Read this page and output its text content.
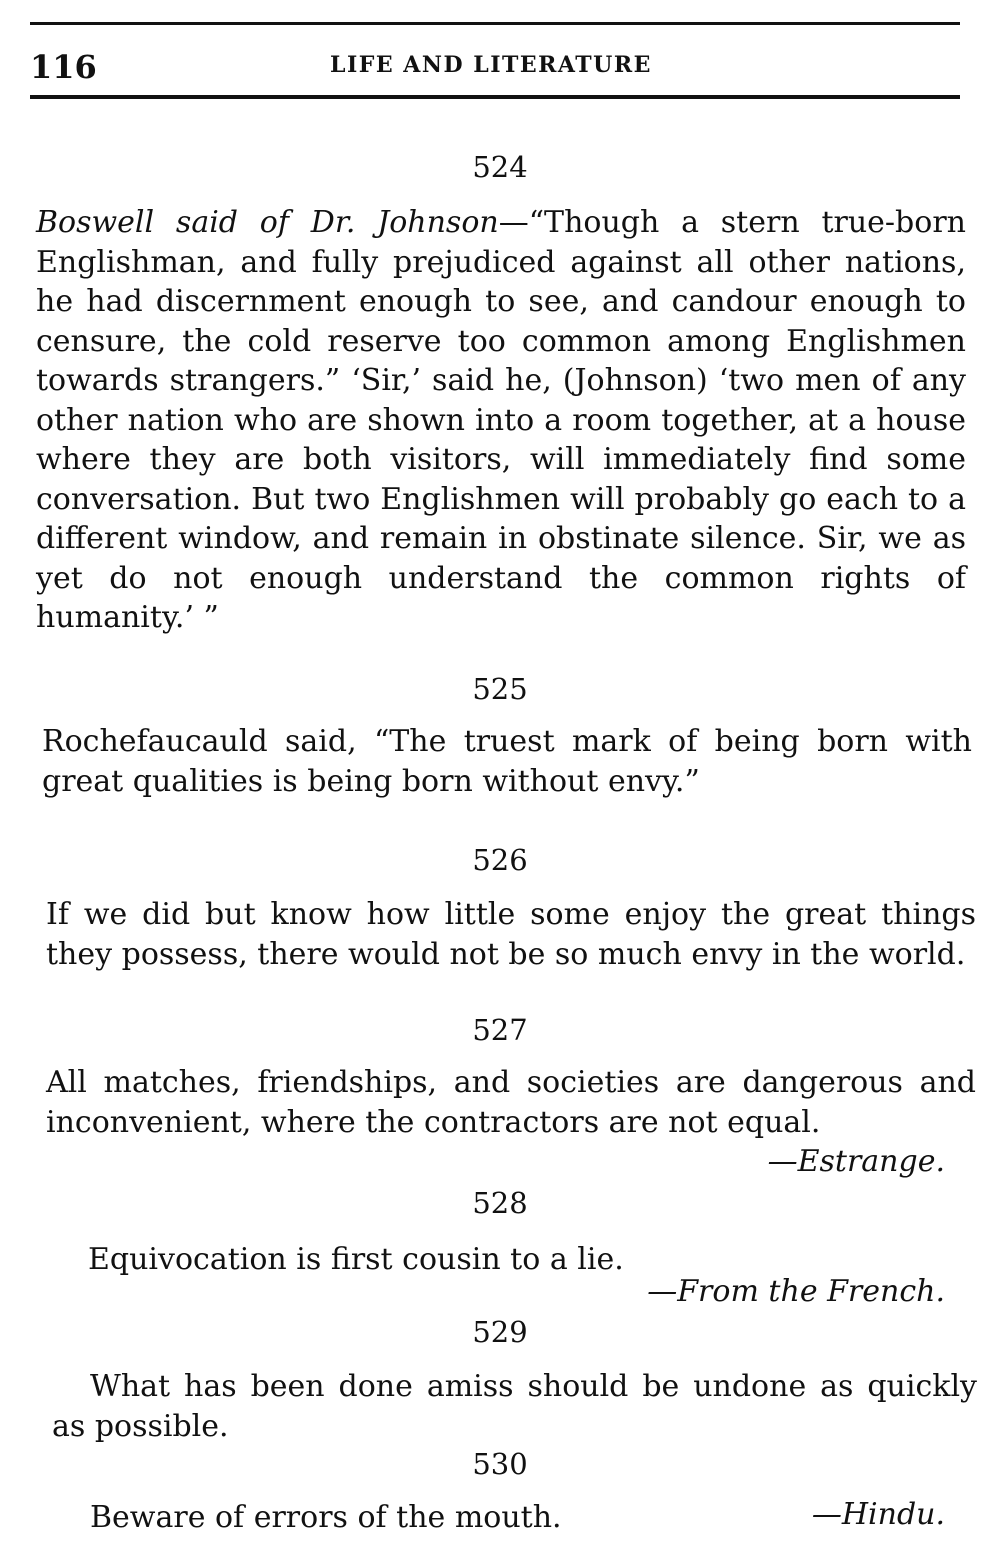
116	LIFE AND LITERATURE
524
Boswell said of Dr. Johnson—“Though a stern true-born Englishman, and fully prejudiced against all other nations, he had discernment enough to see, and candour enough to censure, the cold reserve too common among Englishmen towards strangers.” ‘Sir,’ said he, (Johnson) ‘two men of any other nation who are shown into a room together, at a house where they are both visitors, will immediately find some conversation. But two Englishmen will probably go each to a different window, and remain in obstinate silence. Sir, we as yet do not enough understand the common rights of humanity.’ ”
525
Rochefaucauld said, “The truest mark of being born with great qualities is being born without envy.”
526
If we did but know how little some enjoy the great things they possess, there would not be so much envy in the world.
527
All matches, friendships, and societies are dangerous and inconvenient, where the contractors are not equal.
—Estrange.
528
Equivocation is first cousin to a lie.
—From the French.
529
What has been done amiss should be undone as quickly as possible.
530
Beware of errors of the mouth.	—Hindu.
